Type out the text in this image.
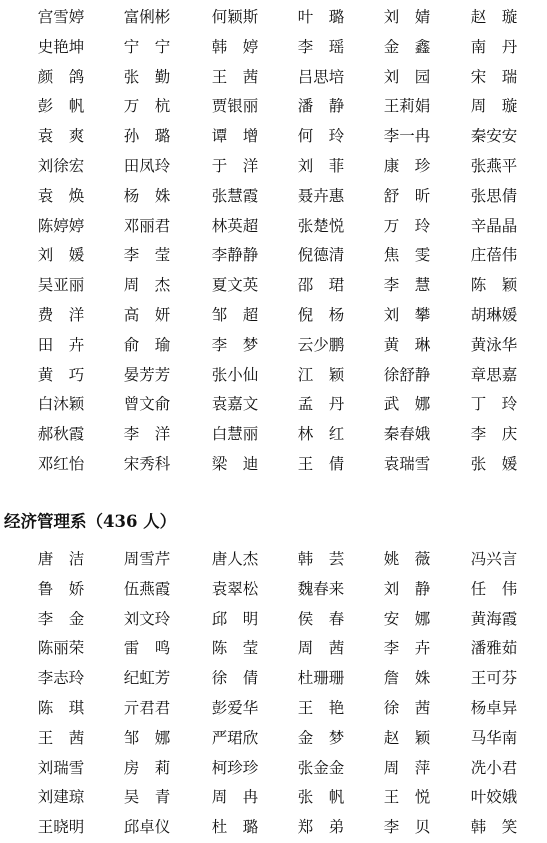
宫雪婷	富俐彬	何颖斯	叶　璐	刘　婧	赵　璇
史艳坤	宁　宁	韩　婷	李　瑶	金　鑫	南　丹
颜　鸽	张　勤	王　茜	吕思培	刘　园	宋　瑞
彭　帆	万　杭	贾银丽	潘　静	王莉娟	周　璇
袁　爽	孙　璐	谭　增	何　玲	李一冉	秦安安
刘徐宏	田凤玲	于　洋	刘　菲	康　珍	张燕平
袁　焕	杨　姝	张慧霞	聂卉惠	舒　昕	张思倩
陈婷婷	邓丽君	林英超	张楚悦	万　玲	辛晶晶
刘　媛	李　莹	李静静	倪德清	焦　雯	庄蓓伟
吴亚丽	周　杰	夏文英	邵　珺	李　慧	陈　颖
费　洋	高　妍	邹　超	倪　杨	刘　攀	胡琳媛
田　卉	俞　瑜	李　梦	云少鹏	黄　琳	黄泳华
黄　巧	晏芳芳	张小仙	江　颖	徐舒静	章思嘉
白沐颖	曾文俞	袁嘉文	孟　丹	武　娜	丁　玲
郝秋霞	李　洋	白慧丽	林　红	秦春娥	李　庆
邓红怡	宋秀科	梁　迪	王　倩	袁瑞雪	张　媛
经济管理系（436 人）
唐　洁	周雪芹	唐人杰	韩　芸	姚　薇	冯兴言
鲁　娇	伍燕霞	袁翠松	魏春来	刘　静	任　伟
李　金	刘文玲	邱　明	侯　春	安　娜	黄海霞
陈丽荣	雷　鸣	陈　莹	周　茜	李　卉	潘雅茹
李志玲	纪虹芳	徐　倩	杜珊珊	詹　姝	王可芬
陈　琪	亓君君	彭爱华	王　艳	徐　茜	杨卓异
王　茜	邹　娜	严珺欣	金　梦	赵　颖	马华南
刘瑞雪	房　莉	柯珍珍	张金金	周　萍	冼小君
刘建琼	吴　青	周　冉	张　帆	王　悦	叶姣娥
王晓明	邱卓仪	杜　璐	郑　弟	李　贝	韩　笑
